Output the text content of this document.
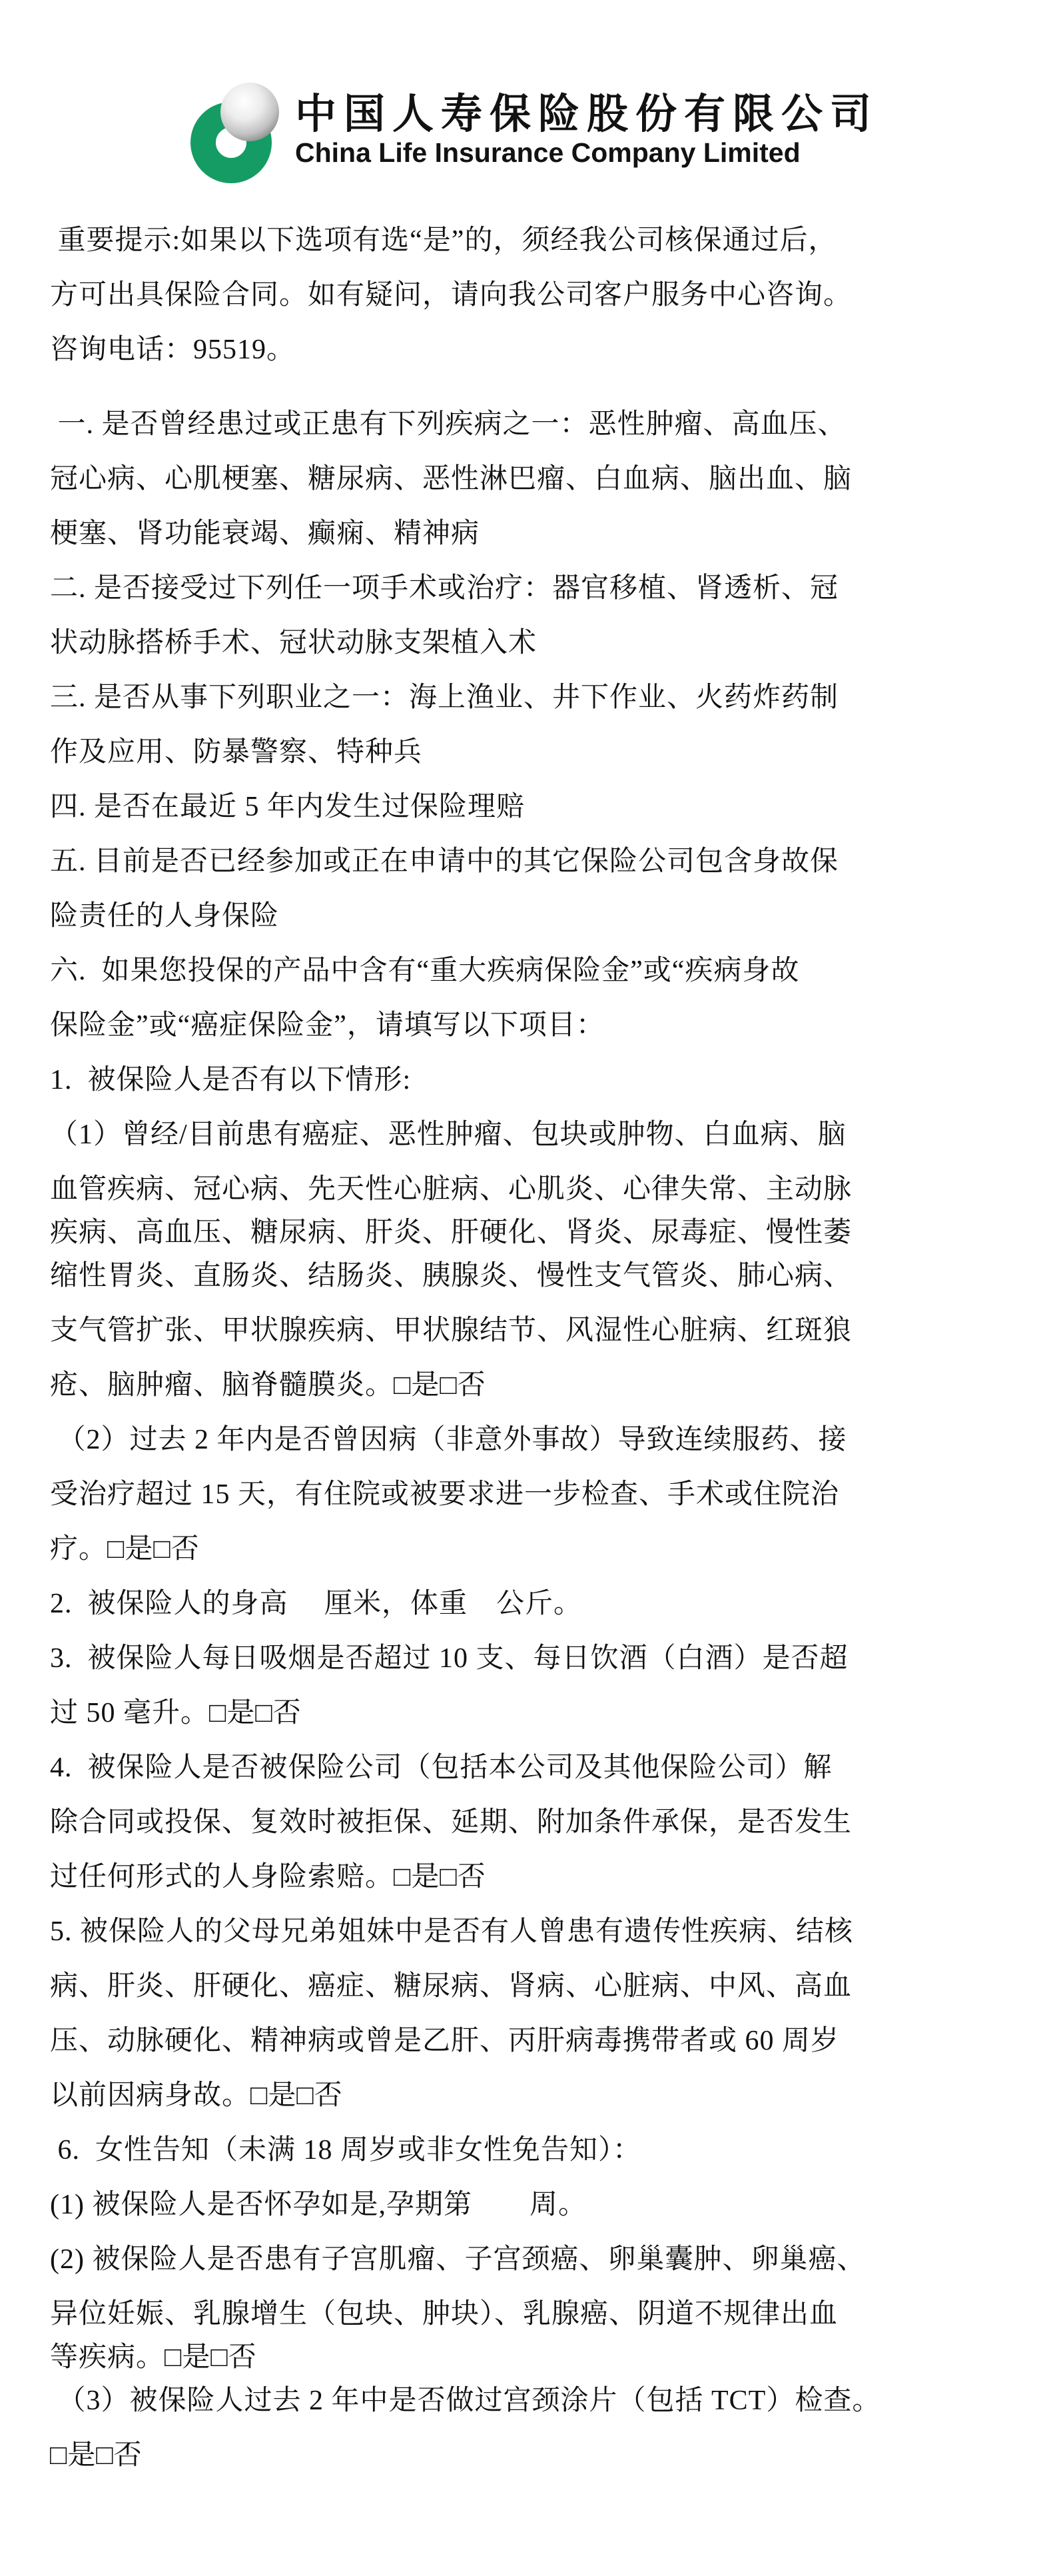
中国人寿保险股份有限公司
China Life Insurance Company Limited
重要提示:如果以下选项有选“是”的，须经我公司核保通过后，
方可出具保险合同。如有疑问，请向我公司客户服务中心咨询。
咨询电话：95519。
一. 是否曾经患过或正患有下列疾病之一：恶性肿瘤、高血压、
冠心病、心肌梗塞、糖尿病、恶性淋巴瘤、白血病、脑出血、脑
梗塞、肾功能衰竭、癫痫、精神病
二. 是否接受过下列任一项手术或治疗：器官移植、肾透析、冠
状动脉搭桥手术、冠状动脉支架植入术
三. 是否从事下列职业之一：海上渔业、井下作业、火药炸药制
作及应用、防暴警察、特种兵
四. 是否在最近 5 年内发生过保险理赔
五. 目前是否已经参加或正在申请中的其它保险公司包含身故保
险责任的人身保险
六.  如果您投保的产品中含有“重大疾病保险金”或“疾病身故
保险金”或“癌症保险金”，请填写以下项目：
1.  被保险人是否有以下情形:
（1）曾经/目前患有癌症、恶性肿瘤、包块或肿物、白血病、脑
血管疾病、冠心病、先天性心脏病、心肌炎、心律失常、主动脉
疾病、高血压、糖尿病、肝炎、肝硬化、肾炎、尿毒症、慢性萎
缩性胃炎、直肠炎、结肠炎、胰腺炎、慢性支气管炎、肺心病、
支气管扩张、甲状腺疾病、甲状腺结节、风湿性心脏病、红斑狼
疮、脑肿瘤、脑脊髓膜炎。□是□否
（2）过去 2 年内是否曾因病（非意外事故）导致连续服药、接
受治疗超过 15 天，有住院或被要求进一步检查、手术或住院治
疗。□是□否
2.  被保险人的身高　 厘米，体重　公斤。
3.  被保险人每日吸烟是否超过 10 支、每日饮酒（白酒）是否超
过 50 毫升。□是□否
4.  被保险人是否被保险公司（包括本公司及其他保险公司）解
除合同或投保、复效时被拒保、延期、附加条件承保，是否发生
过任何形式的人身险索赔。□是□否
5. 被保险人的父母兄弟姐妹中是否有人曾患有遗传性疾病、结核
病、肝炎、肝硬化、癌症、糖尿病、肾病、心脏病、中风、高血
压、动脉硬化、精神病或曾是乙肝、丙肝病毒携带者或 60 周岁
以前因病身故。□是□否
6.  女性告知（未满 18 周岁或非女性免告知）：
(1) 被保险人是否怀孕如是,孕期第　　周。
(2) 被保险人是否患有子宫肌瘤、子宫颈癌、卵巢囊肿、卵巢癌、
异位妊娠、乳腺增生（包块、肿块）、乳腺癌、阴道不规律出血
等疾病。□是□否
（3）被保险人过去 2 年中是否做过宫颈涂片（包括 TCT）检查。
□是□否
